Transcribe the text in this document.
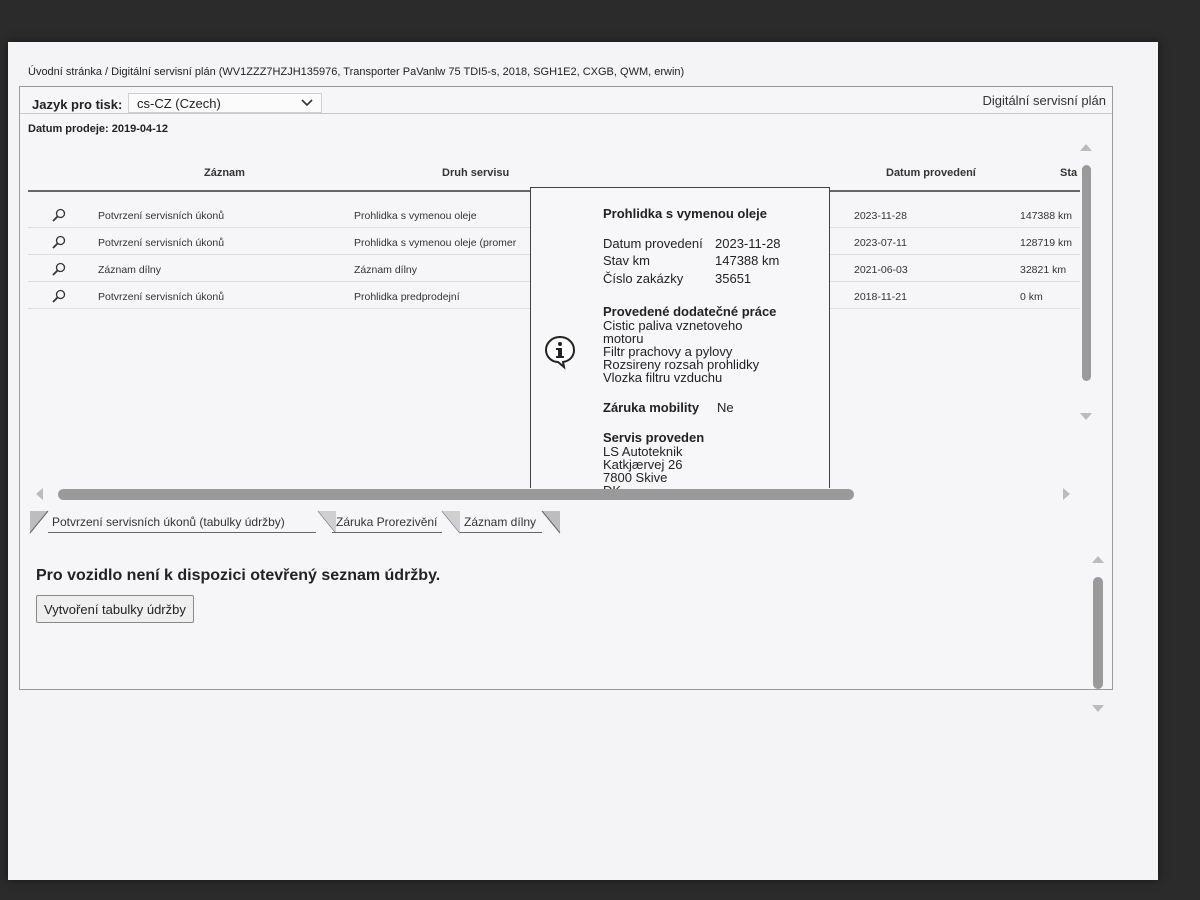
Úvodní stránka / Digitální servisní plán (WV1ZZZ7HZJH135976, Transporter PaVanlw 75 TDI5-s, 2018, SGH1E2, CXGB, QWM, erwin)
Jazyk pro tisk:	cs-CZ (Czech)	Digitální servisní plán
Datum prodeje: 2019-04-12
Záznam	Druh servisu	Datum provedení	Sta
Potvrzení servisních úkonů	Prohlidka s vymenou oleje	2023-11-28	147388 km
Potvrzení servisních úkonů	Prohlidka s vymenou oleje (promer	2023-07-11	128719 km
Záznam dílny	Záznam dílny	2021-06-03	32821 km
Potvrzení servisních úkonů	Prohlidka predprodejní	2018-11-21	0 km
Prohlidka s vymenou oleje
Datum provedení 2023-11-28
Stav km	147388 km
Číslo zakázky 35651
Provedené dodatečné práce
Cistic paliva vznetoveho
motoru
Filtr prachovy a pylovy
Rozsireny rozsah prohlidky
Vlozka filtru vzduchu
Záruka mobility Ne
Servis proveden
LS Autoteknik
Katkjærvej 26
7800 Skive
Potvrzení servisních úkonů (tabulky údržby)	Záruka Prorezivění	Záznam dílny
Pro vozidlo není k dispozici otevřený seznam údržby.
Vytvoření tabulky údržby
